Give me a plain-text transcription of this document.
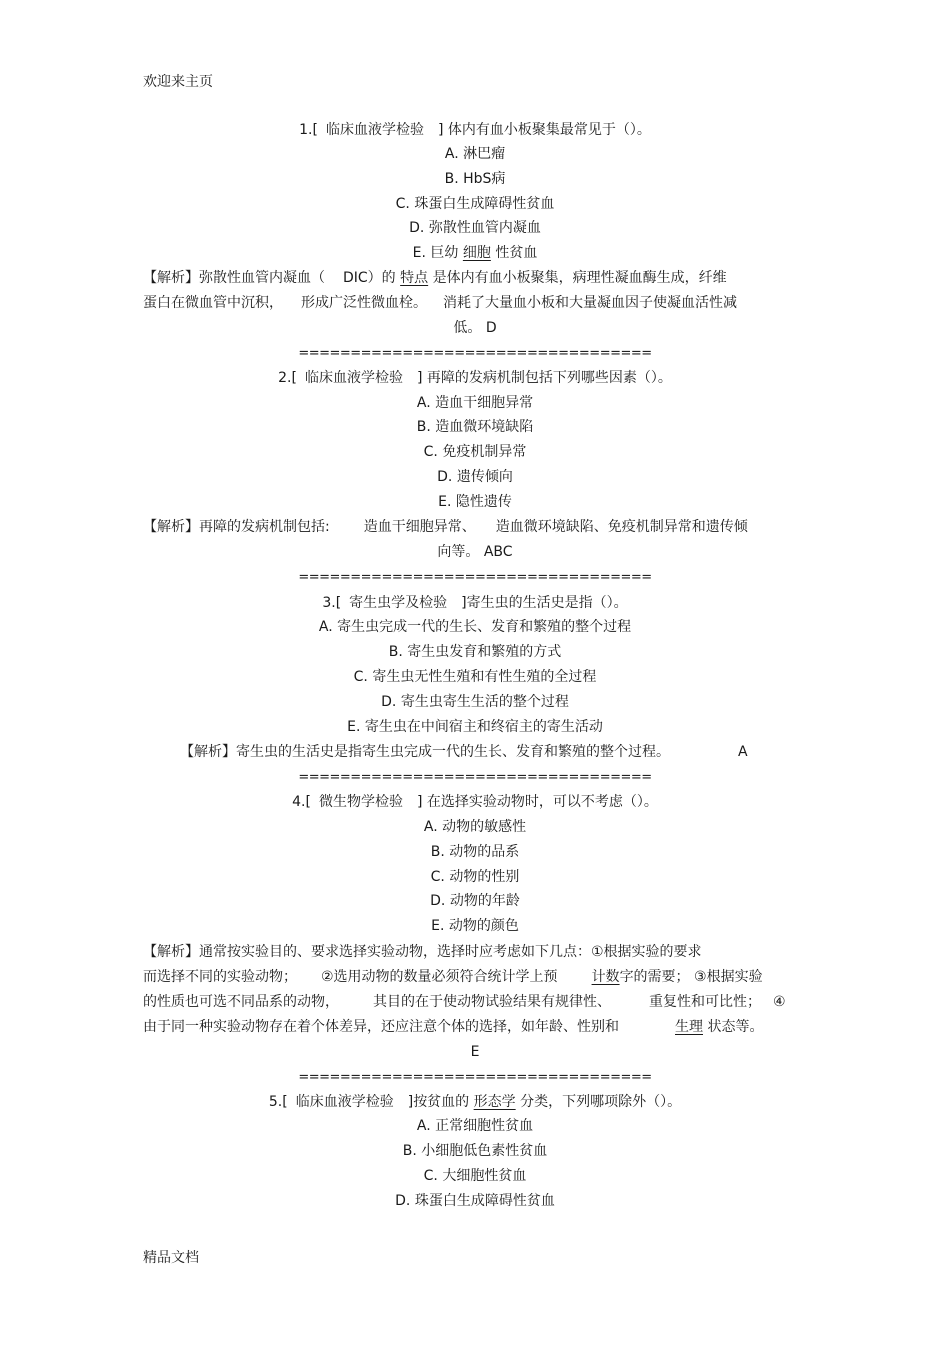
欢迎来主页
1.[ 临床血液学检验 ] 体内有血小板聚集最常见于（）。
A. 淋巴瘤
B. HbS病
C. 珠蛋白生成障碍性贫血
D. 弥散性血管内凝血
E. 巨幼 细胞 性贫血
【解析】弥散性血管内凝血（ DIC）的 特点 是体内有血小板聚集，病理性凝血酶生成，纤维
蛋白在微血管中沉积， 形成广泛性微血栓。 消耗了大量血小板和大量凝血因子使凝血活性减
低。 D
==================================
2.[ 临床血液学检验 ] 再障的发病机制包括下列哪些因素（）。
A. 造血干细胞异常
B. 造血微环境缺陷
C. 免疫机制异常
D. 遗传倾向
E. 隐性遗传
【解析】再障的发病机制包括: 造血干细胞异常、 造血微环境缺陷、免疫机制异常和遗传倾
向等。 ABC
==================================
3.[ 寄生虫学及检验 ]寄生虫的生活史是指（）。
A. 寄生虫完成一代的生长、发育和繁殖的整个过程
B. 寄生虫发育和繁殖的方式
C. 寄生虫无性生殖和有性生殖的全过程
D. 寄生虫寄生生活的整个过程
E. 寄生虫在中间宿主和终宿主的寄生活动
【解析】寄生虫的生活史是指寄生虫完成一代的生长、发育和繁殖的整个过程。	A
==================================
4.[ 微生物学检验 ] 在选择实验动物时，可以不考虑（）。
A. 动物的敏感性
B. 动物的品系
C. 动物的性别
D. 动物的年龄
E. 动物的颜色
【解析】通常按实验目的、要求选择实验动物，选择时应考虑如下几点：①根据实验的要求
而选择不同的实验动物； ②选用动物的数量必须符合统计学上预 计数字的需要； ③根据实验
的性质也可选不同品系的动物， 其目的在于使动物试验结果有规律性、	重复性和可比性； ④
由于同一种实验动物存在着个体差异，还应注意个体的选择，如年龄、性别和	生理 状态等。
E
==================================
5.[ 临床血液学检验 ]按贫血的 形态学 分类，下列哪项除外（）。
A. 正常细胞性贫血
B. 小细胞低色素性贫血
C. 大细胞性贫血
D. 珠蛋白生成障碍性贫血
精品文档
